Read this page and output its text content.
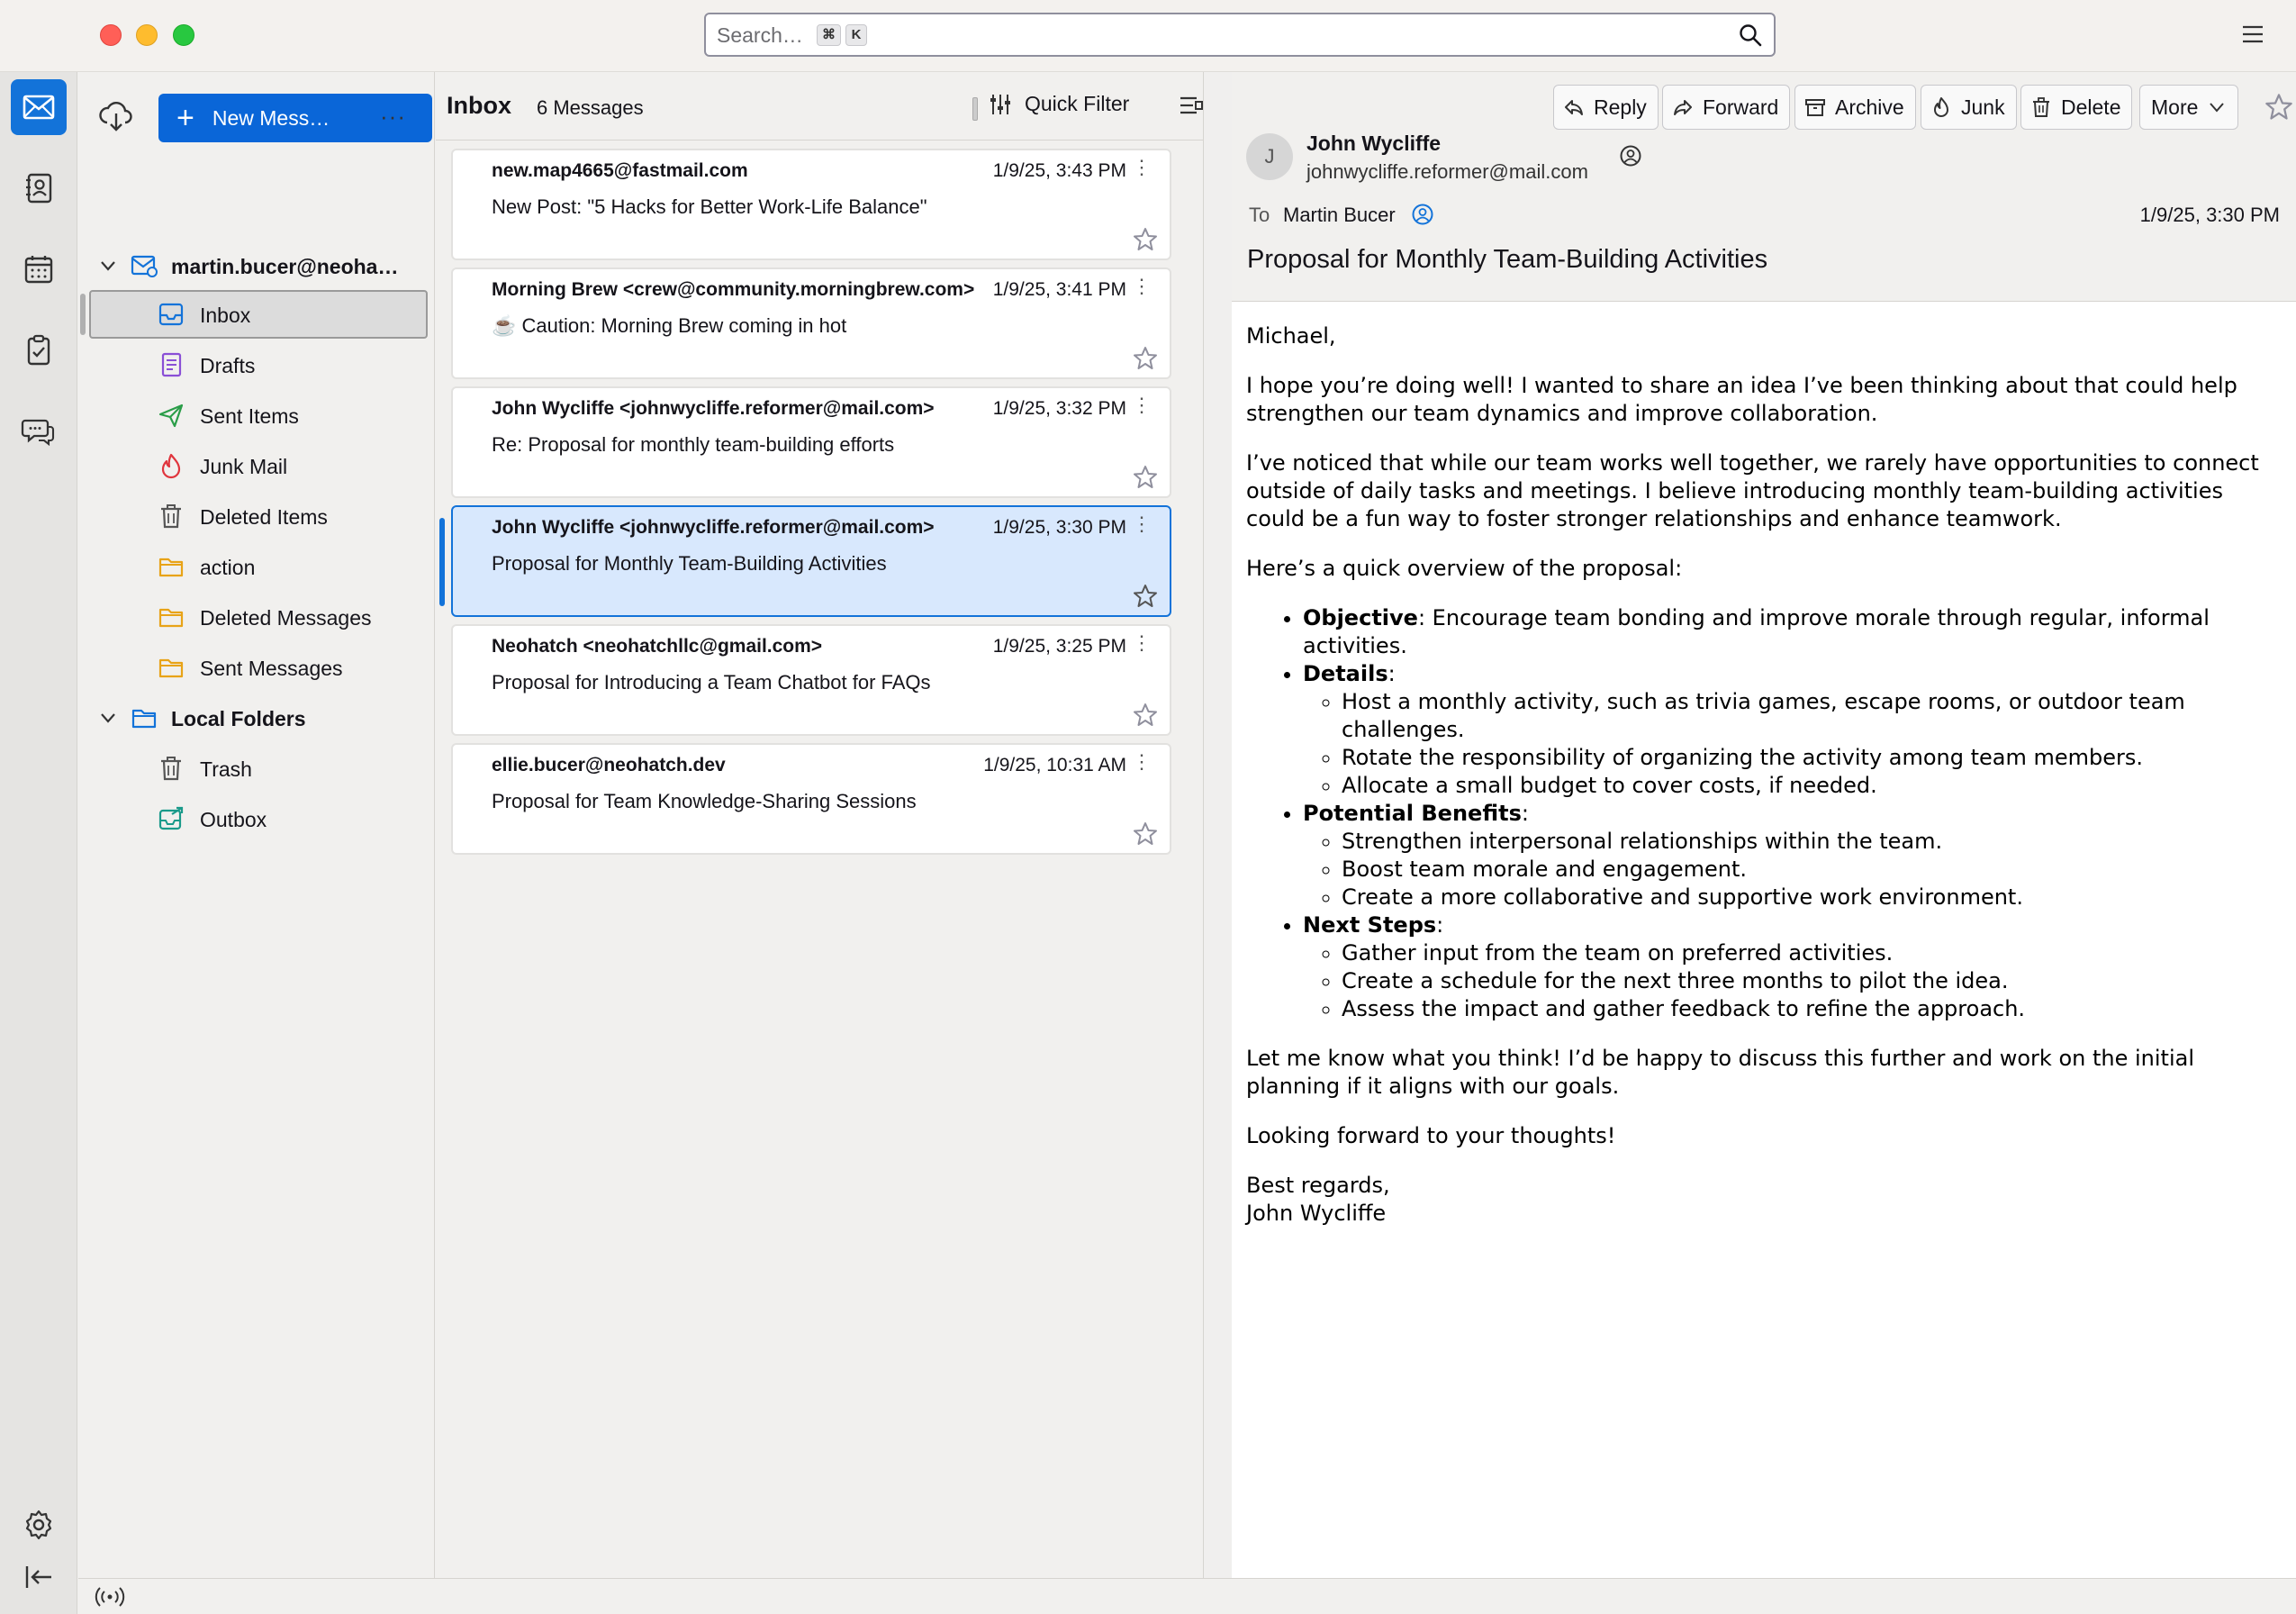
Search…
⌘	K
+ New Mess… ···
martin.bucer@neoha…
Inbox
Drafts
Sent Items
Junk Mail
Deleted Items
action
Deleted Messages
Sent Messages
Local Folders
Trash
Outbox
Inbox 6 Messages	Quick Filter
new.map4665@fastmail.com	1/9/25, 3:43 PM ⋮
New Post: "5 Hacks for Better Work-Life Balance"
Morning Brew <crew@community.morningbrew.com> 1/9/25, 3:41 PM ⋮
☕ Caution: Morning Brew coming in hot
John Wycliffe <johnwycliffe.reformer@mail.com>	1/9/25, 3:32 PM ⋮
Re: Proposal for monthly team-building efforts
John Wycliffe <johnwycliffe.reformer@mail.com>	1/9/25, 3:30 PM ⋮
Proposal for Monthly Team-Building Activities
Neohatch <neohatchllc@gmail.com>	1/9/25, 3:25 PM ⋮
Proposal for Introducing a Team Chatbot for FAQs
ellie.bucer@neohatch.dev	1/9/25, 10:31 AM ⋮
Proposal for Team Knowledge-Sharing Sessions
Reply	Forward	Archive	Junk	Delete More
J
John Wycliffe
johnwycliffe.reformer@mail.com
To Martin Bucer	1/9/25, 3:30 PM
Proposal for Monthly Team-Building Activities

Michael,

I hope you’re doing well! I wanted to share an idea I’ve been thinking about that could help strengthen our team dynamics and improve collaboration.

I’ve noticed that while our team works well together, we rarely have opportunities to connect outside of daily tasks and meetings. I believe introducing monthly team-building activities could be a fun way to foster stronger relationships and enhance teamwork.

Here’s a quick overview of the proposal:

• Objective: Encourage team bonding and improve morale through regular, informal activities.
• Details:
◦ Host a monthly activity, such as trivia games, escape rooms, or outdoor team challenges.
◦ Rotate the responsibility of organizing the activity among team members.
◦ Allocate a small budget to cover costs, if needed.
• Potential Benefits:
◦ Strengthen interpersonal relationships within the team.
◦ Boost team morale and engagement.
◦ Create a more collaborative and supportive work environment.
• Next Steps:
◦ Gather input from the team on preferred activities.
◦ Create a schedule for the next three months to pilot the idea.
◦ Assess the impact and gather feedback to refine the approach.

Let me know what you think! I’d be happy to discuss this further and work on the initial planning if it aligns with our goals.

Looking forward to your thoughts!

Best regards,
John Wycliffe
